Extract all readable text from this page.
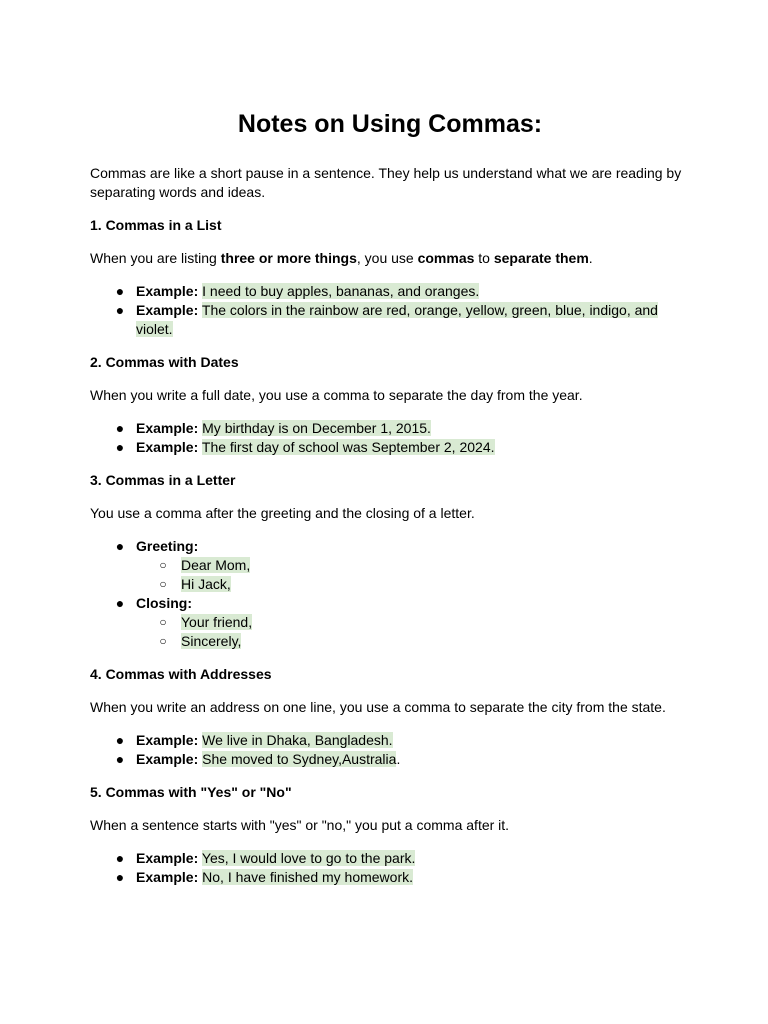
Notes on Using Commas:

Commas are like a short pause in a sentence. They help us understand what we are reading by separating words and ideas.

1. Commas in a List

When you are listing three or more things, you use commas to separate them.

● Example: I need to buy apples, bananas, and oranges.
● Example: The colors in the rainbow are red, orange, yellow, green, blue, indigo, and violet.

2. Commas with Dates

When you write a full date, you use a comma to separate the day from the year.

● Example: My birthday is on December 1, 2015.
● Example: The first day of school was September 2, 2024.

3. Commas in a Letter

You use a comma after the greeting and the closing of a letter.

● Greeting:
○ Dear Mom,
○ Hi Jack,
● Closing:
○ Your friend,
○ Sincerely,

4. Commas with Addresses

When you write an address on one line, you use a comma to separate the city from the state.

● Example: We live in Dhaka, Bangladesh.
● Example: She moved to Sydney,Australia.

5. Commas with "Yes" or "No"

When a sentence starts with "yes" or "no," you put a comma after it.

● Example: Yes, I would love to go to the park.
● Example: No, I have finished my homework.
